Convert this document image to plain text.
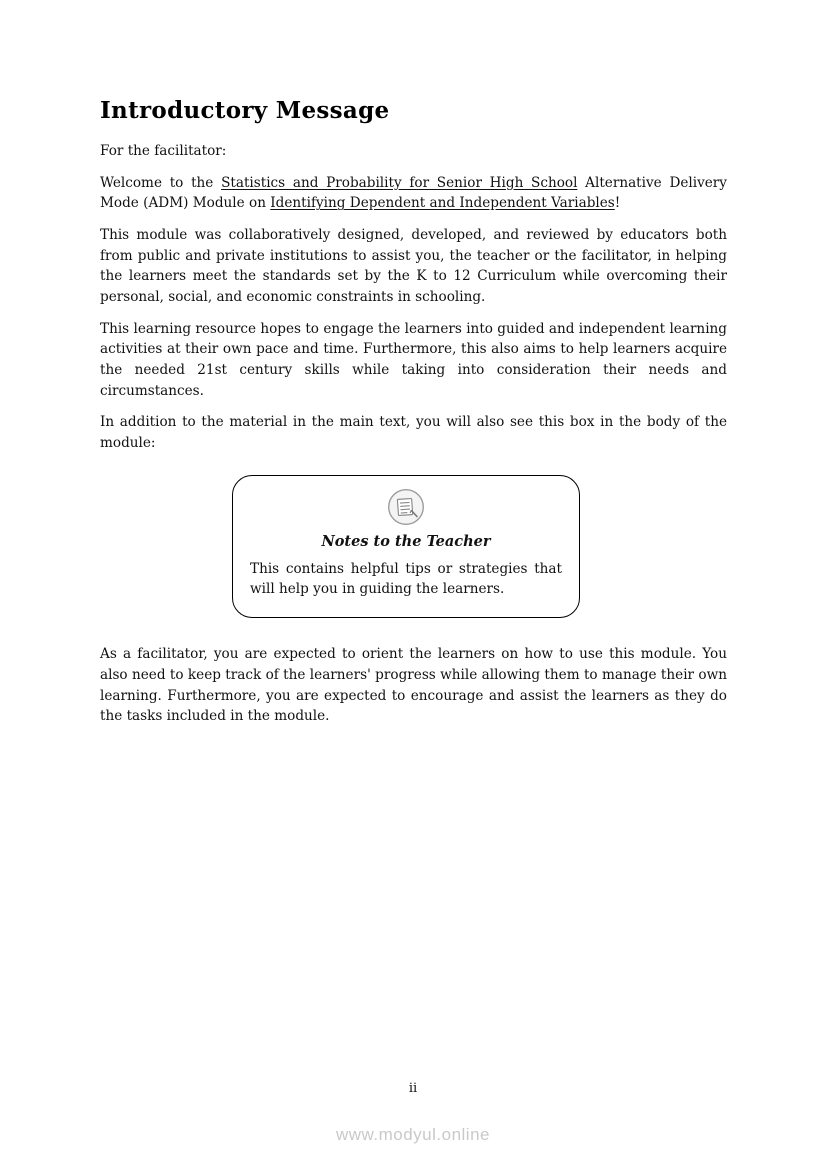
Introductory Message

For the facilitator:

Welcome to the Statistics and Probability for Senior High School Alternative Delivery Mode (ADM) Module on Identifying Dependent and Independent Variables!

This module was collaboratively designed, developed, and reviewed by educators both from public and private institutions to assist you, the teacher or the facilitator, in helping the learners meet the standards set by the K to 12 Curriculum while overcoming their personal, social, and economic constraints in schooling.

This learning resource hopes to engage the learners into guided and independent learning activities at their own pace and time. Furthermore, this also aims to help learners acquire the needed 21st century skills while taking into consideration their needs and circumstances.

In addition to the material in the main text, you will also see this box in the body of the module:

Notes to the Teacher

This contains helpful tips or strategies that will help you in guiding the learners.

As a facilitator, you are expected to orient the learners on how to use this module. You also need to keep track of the learners' progress while allowing them to manage their own learning. Furthermore, you are expected to encourage and assist the learners as they do the tasks included in the module.

ii
www.modyul.online
